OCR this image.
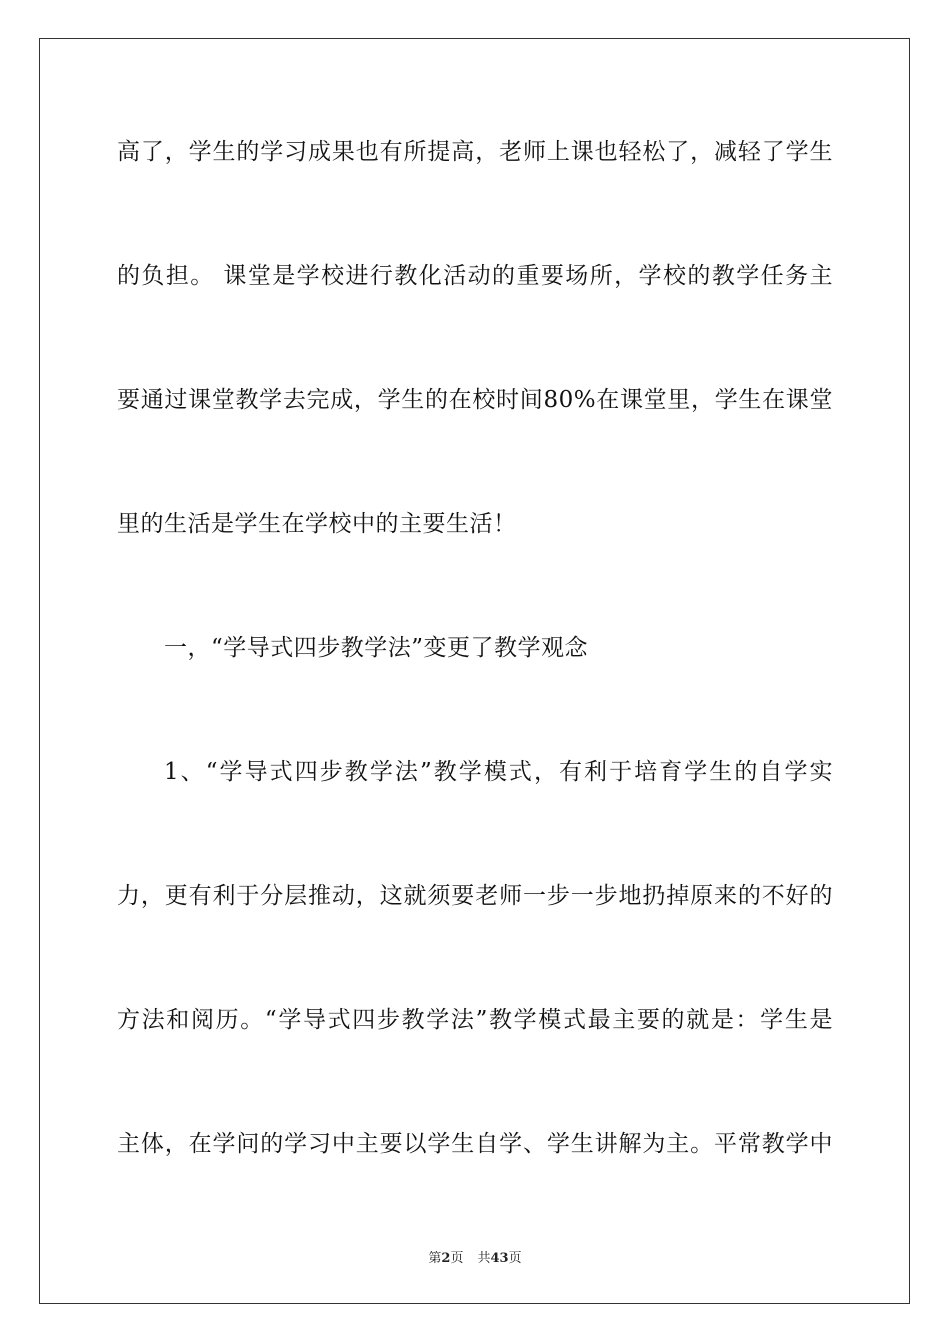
高了，学生的学习成果也有所提高，老师上课也轻松了，减轻了学生
的负担。 课堂是学校进行教化活动的重要场所，学校的教学任务主
要通过课堂教学去完成，学生的在校时间80%在课堂里，学生在课堂
里的生活是学生在学校中的主要生活！
一，“学导式四步教学法”变更了教学观念
1、“学导式四步教学法”教学模式，有利于培育学生的自学实
力，更有利于分层推动，这就须要老师一步一步地扔掉原来的不好的
方法和阅历。“学导式四步教学法”教学模式最主要的就是：学生是
主体，在学问的学习中主要以学生自学、学生讲解为主。平常教学中
第2页 共43页
